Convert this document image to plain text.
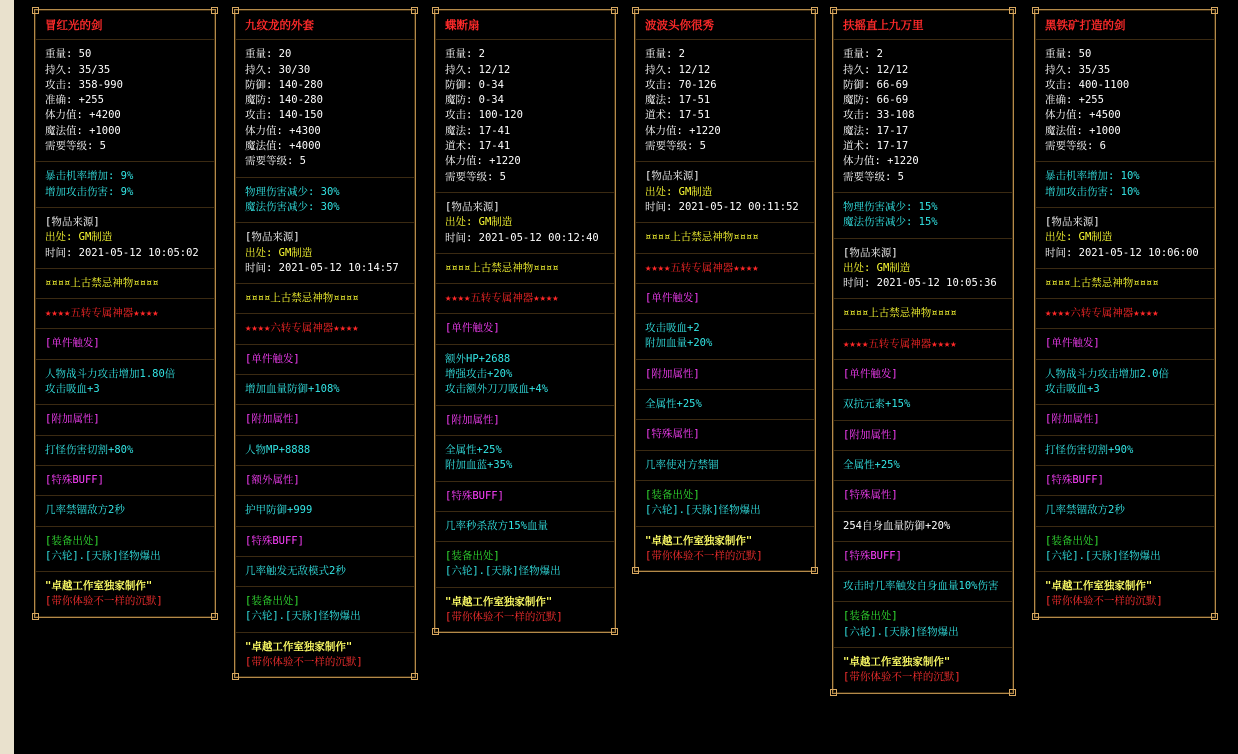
冒红光的剑
重量: 50
持久: 35/35
攻击: 358-990
准确: +255
体力值: +4200
魔法值: +1000
需要等级: 5
暴击机率增加: 9%
增加攻击伤害: 9%
[物品来源]
出处: GM制造
时间: 2021-05-12 10:05:02
¤¤¤¤上古禁忌神物¤¤¤¤
★★★★五转专属神器★★★★
[单件触发]
人物战斗力攻击增加1.80倍
攻击吸血+3
[附加属性]
打怪伤害切割+80%
[特殊BUFF]
几率禁锢敌方2秒
[装备出处]
[六轮].[天脉]怪物爆出
"卓越工作室独家制作"
[带你体验不一样的沉默]
九纹龙的外套
重量: 20
持久: 30/30
防御: 140-280
魔防: 140-280
攻击: 140-150
体力值: +4300
魔法值: +4000
需要等级: 5
物理伤害减少: 30%
魔法伤害减少: 30%
[物品来源]
出处: GM制造
时间: 2021-05-12 10:14:57
¤¤¤¤上古禁忌神物¤¤¤¤
★★★★六转专属神器★★★★
[单件触发]
增加血量防御+108%
[附加属性]
人物MP+8888
[额外属性]
护甲防御+999
[特殊BUFF]
几率触发无敌模式2秒
[装备出处]
[六轮].[天脉]怪物爆出
"卓越工作室独家制作"
[带你体验不一样的沉默]
蝶断扇
重量: 2
持久: 12/12
防御: 0-34
魔防: 0-34
攻击: 100-120
魔法: 17-41
道术: 17-41
体力值: +1220
需要等级: 5
[物品来源]
出处: GM制造
时间: 2021-05-12 00:12:40
¤¤¤¤上古禁忌神物¤¤¤¤
★★★★五转专属神器★★★★
[单件触发]
额外HP+2688
增强攻击+20%
攻击额外刀刀吸血+4%
[附加属性]
全属性+25%
附加血蓝+35%
[特殊BUFF]
几率秒杀敌方15%血量
[装备出处]
[六轮].[天脉]怪物爆出
"卓越工作室独家制作"
[带你体验不一样的沉默]
波波头你很秀
重量: 2
持久: 12/12
攻击: 70-126
魔法: 17-51
道术: 17-51
体力值: +1220
需要等级: 5
[物品来源]
出处: GM制造
时间: 2021-05-12 00:11:52
¤¤¤¤上古禁忌神物¤¤¤¤
★★★★五转专属神器★★★★
[单件触发]
攻击吸血+2
附加血量+20%
[附加属性]
全属性+25%
[特殊属性]
几率使对方禁锢
[装备出处]
[六轮].[天脉]怪物爆出
"卓越工作室独家制作"
[带你体验不一样的沉默]
扶摇直上九万里
重量: 2
持久: 12/12
防御: 66-69
魔防: 66-69
攻击: 33-108
魔法: 17-17
道术: 17-17
体力值: +1220
需要等级: 5
物理伤害减少: 15%
魔法伤害减少: 15%
[物品来源]
出处: GM制造
时间: 2021-05-12 10:05:36
¤¤¤¤上古禁忌神物¤¤¤¤
★★★★五转专属神器★★★★
[单件触发]
双抗元素+15%
[附加属性]
全属性+25%
[特殊属性]
254自身血量防御+20%
[特殊BUFF]
攻击时几率触发自身血量10%伤害
[装备出处]
[六轮].[天脉]怪物爆出
"卓越工作室独家制作"
[带你体验不一样的沉默]
黑铁矿打造的剑
重量: 50
持久: 35/35
攻击: 400-1100
准确: +255
体力值: +4500
魔法值: +1000
需要等级: 6
暴击机率增加: 10%
增加攻击伤害: 10%
[物品来源]
出处: GM制造
时间: 2021-05-12 10:06:00
¤¤¤¤上古禁忌神物¤¤¤¤
★★★★六转专属神器★★★★
[单件触发]
人物战斗力攻击增加2.0倍
攻击吸血+3
[附加属性]
打怪伤害切割+90%
[特殊BUFF]
几率禁锢敌方2秒
[装备出处]
[六轮].[天脉]怪物爆出
"卓越工作室独家制作"
[带你体验不一样的沉默]
